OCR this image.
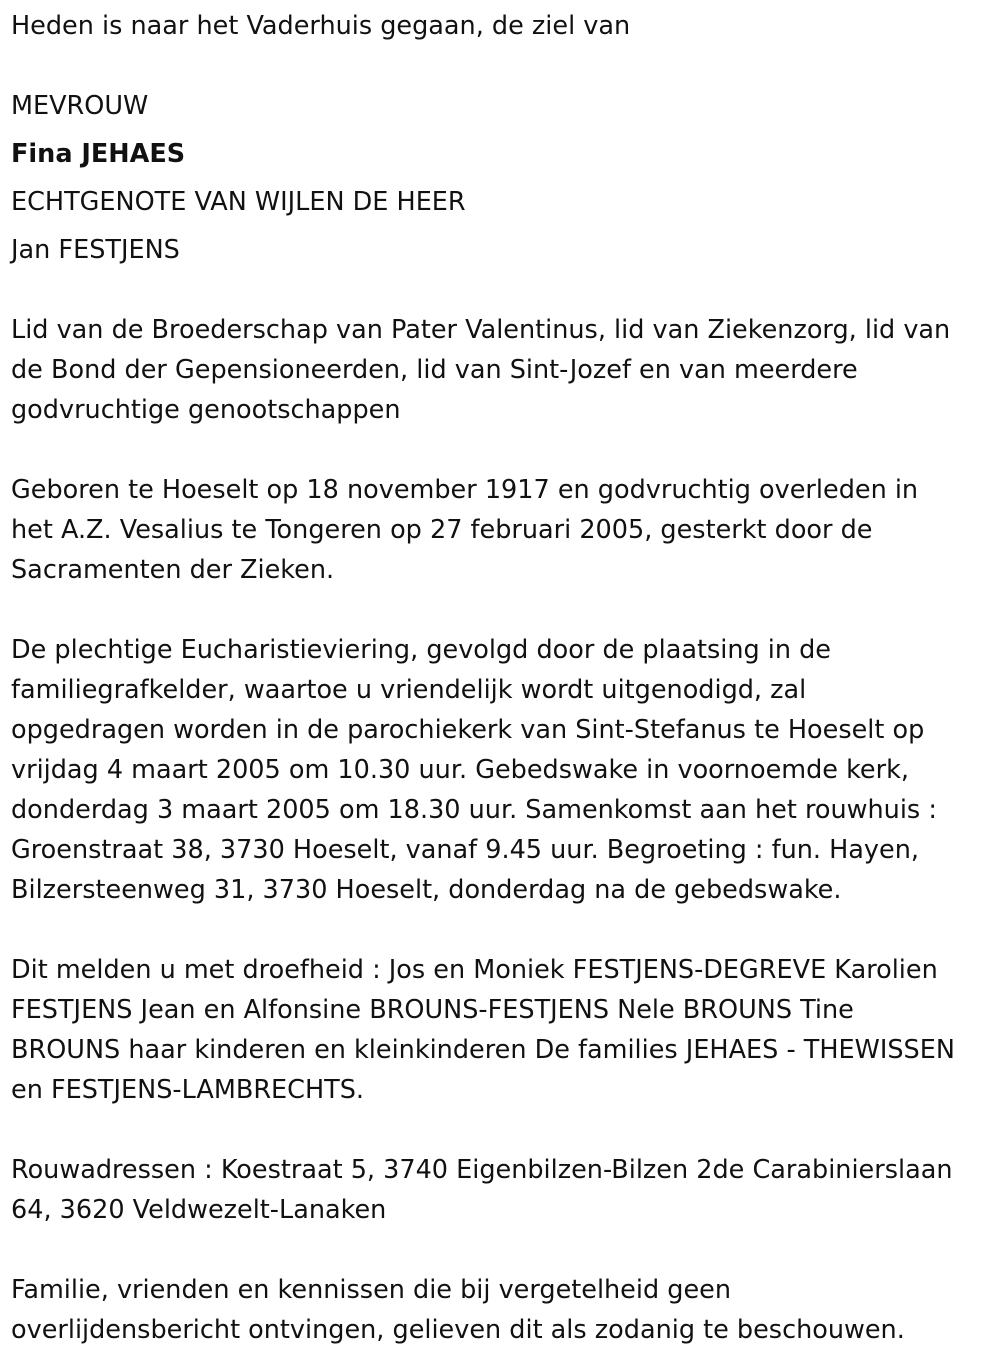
Heden is naar het Vaderhuis gegaan, de ziel van
MEVROUW
Fina JEHAES
ECHTGENOTE VAN WIJLEN DE HEER
Jan FESTJENS
Lid van de Broederschap van Pater Valentinus, lid van Ziekenzorg, lid van
de Bond der Gepensioneerden, lid van Sint-Jozef en van meerdere
godvruchtige genootschappen
Geboren te Hoeselt op 18 november 1917 en godvruchtig overleden in
het A.Z. Vesalius te Tongeren op 27 februari 2005, gesterkt door de
Sacramenten der Zieken.
De plechtige Eucharistieviering, gevolgd door de plaatsing in de
familiegrafkelder, waartoe u vriendelijk wordt uitgenodigd, zal
opgedragen worden in de parochiekerk van Sint-Stefanus te Hoeselt op
vrijdag 4 maart 2005 om 10.30 uur. Gebedswake in voornoemde kerk,
donderdag 3 maart 2005 om 18.30 uur. Samenkomst aan het rouwhuis :
Groenstraat 38, 3730 Hoeselt, vanaf 9.45 uur. Begroeting : fun. Hayen,
Bilzersteenweg 31, 3730 Hoeselt, donderdag na de gebedswake.
Dit melden u met droefheid : Jos en Moniek FESTJENS-DEGREVE Karolien
FESTJENS Jean en Alfonsine BROUNS-FESTJENS Nele BROUNS Tine
BROUNS haar kinderen en kleinkinderen De families JEHAES - THEWISSEN
en FESTJENS-LAMBRECHTS.
Rouwadressen : Koestraat 5, 3740 Eigenbilzen-Bilzen 2de Carabinierslaan
64, 3620 Veldwezelt-Lanaken
Familie, vrienden en kennissen die bij vergetelheid geen
overlijdensbericht ontvingen, gelieven dit als zodanig te beschouwen.
